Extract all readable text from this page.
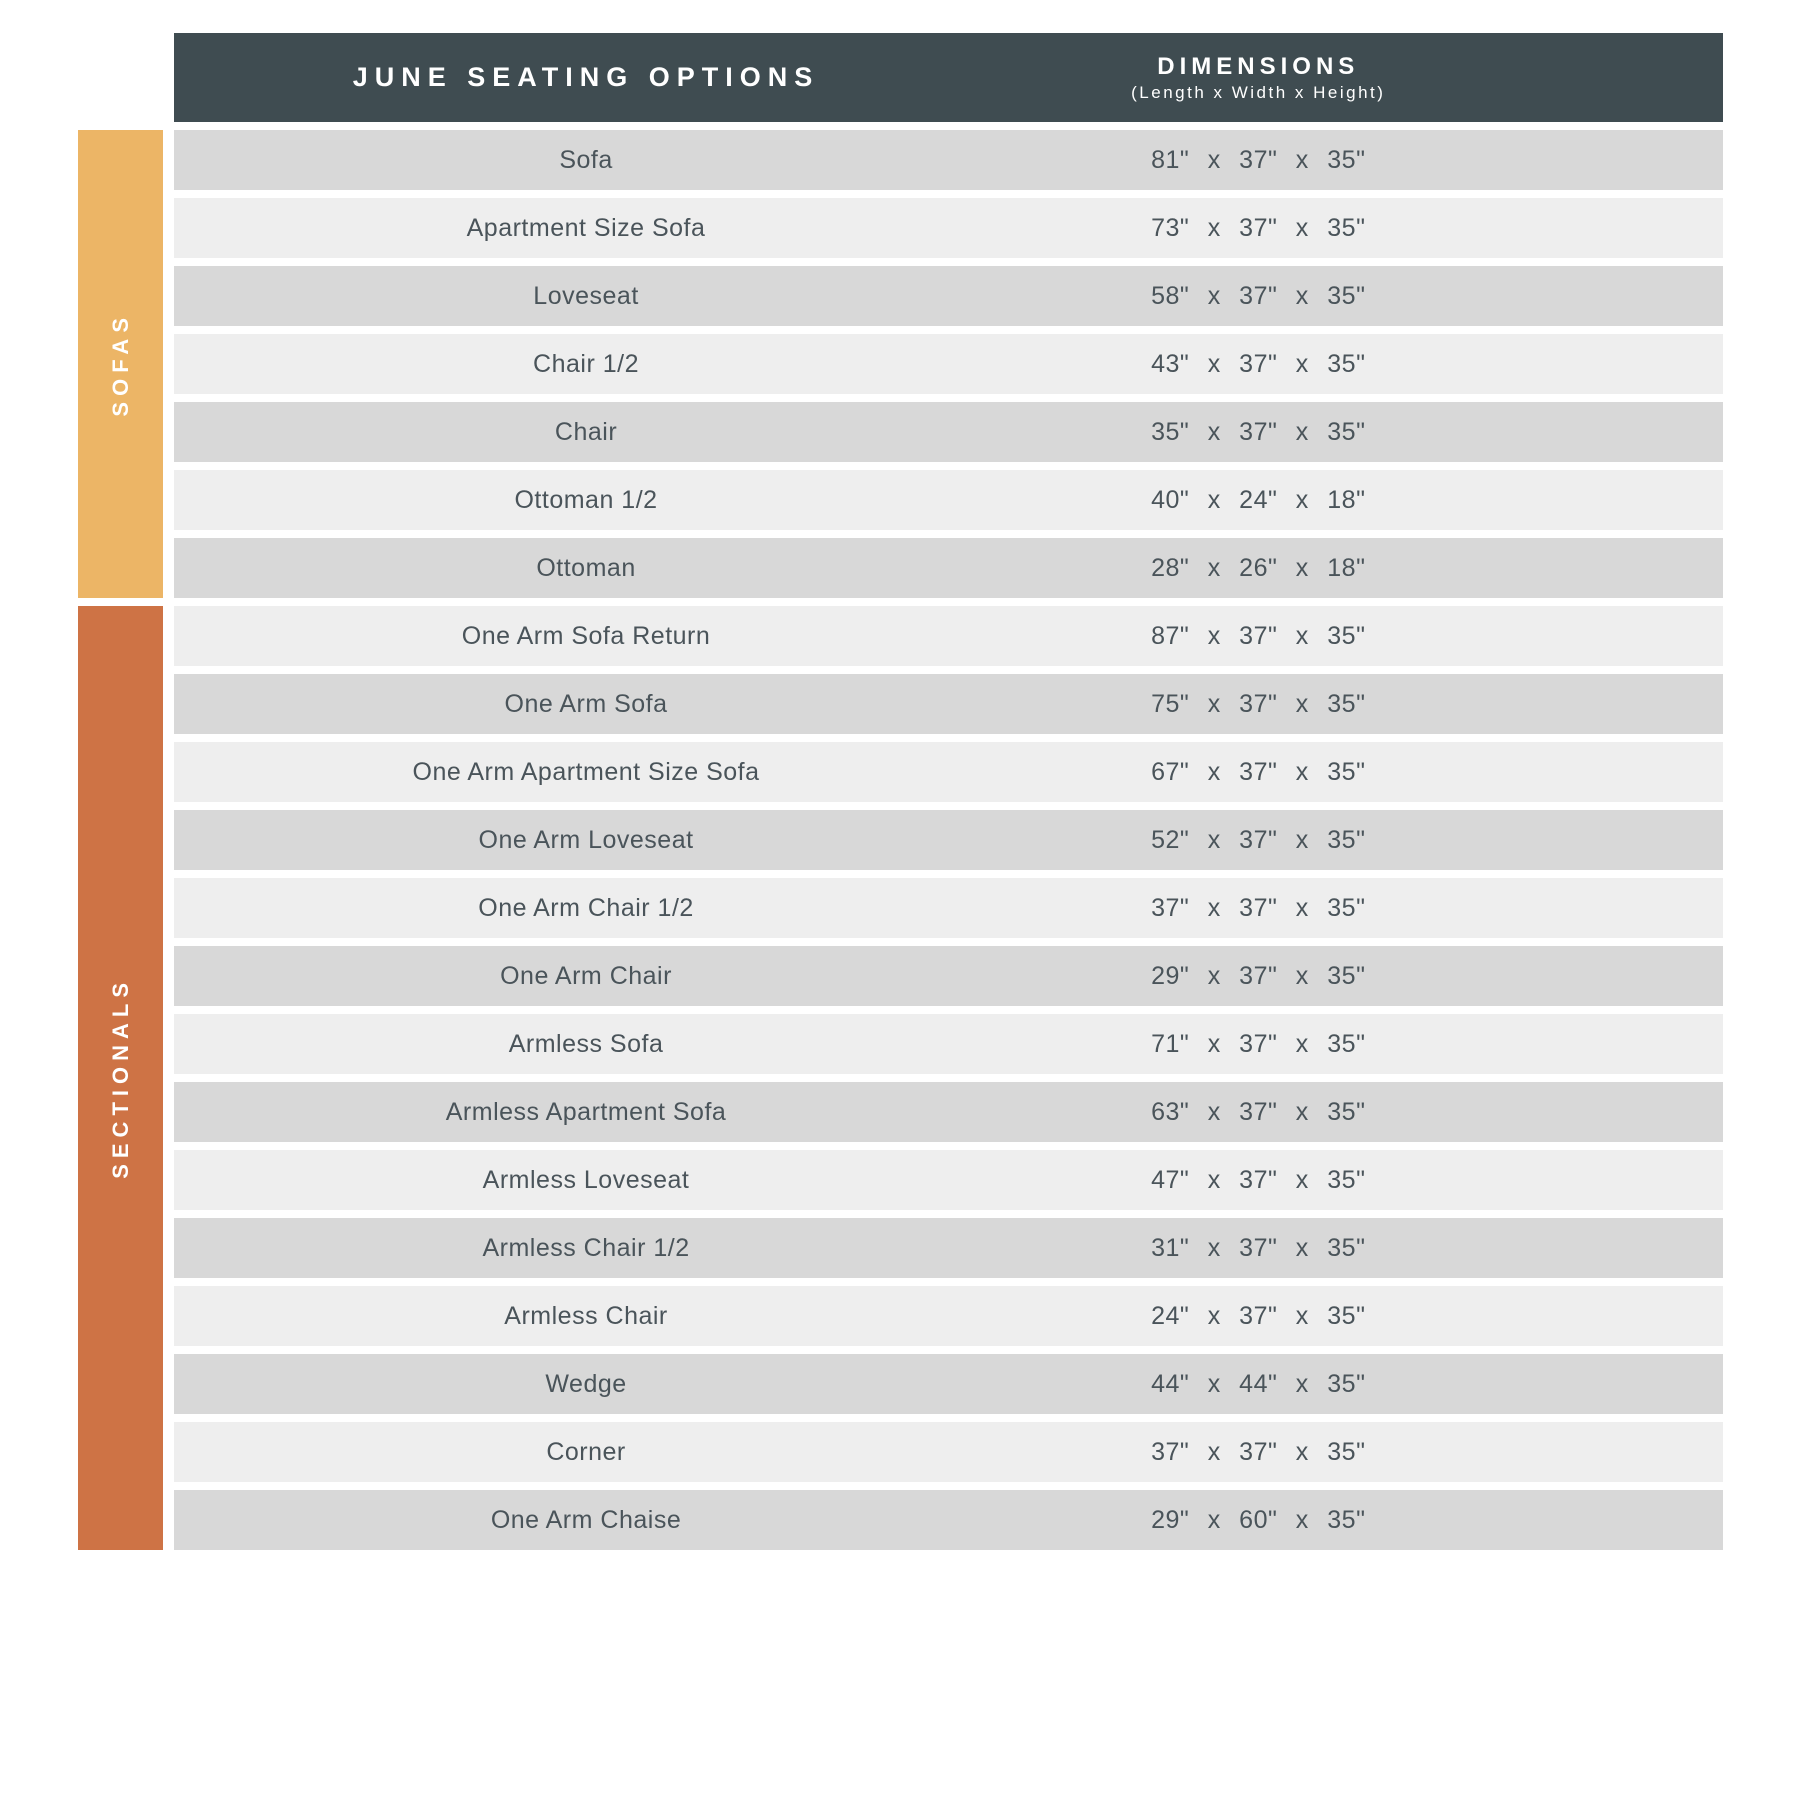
JUNE SEATING OPTIONS	DIMENSIONS
(Length x Width x Height)
Sofa	81" x 37" x 35"
Apartment Size Sofa	73" x 37" x 35"
Loveseat	58" x 37" x 35"
Chair 1/2	43" x 37" x 35"
Chair	35" x 37" x 35"
Ottoman 1/2	40" x 24" x 18"
Ottoman	28" x 26" x 18"
One Arm Sofa Return	87" x 37" x 35"
One Arm Sofa	75" x 37" x 35"
One Arm Apartment Size Sofa	67" x 37" x 35"
One Arm Loveseat	52" x 37" x 35"
One Arm Chair 1/2	37" x 37" x 35"
One Arm Chair	29" x 37" x 35"
Armless Sofa	71" x 37" x 35"
Armless Apartment Sofa	63" x 37" x 35"
Armless Loveseat	47" x 37" x 35"
Armless Chair 1/2	31" x 37" x 35"
Armless Chair	24" x 37" x 35"
Wedge	44" x 44" x 35"
Corner	37" x 37" x 35"
One Arm Chaise	29" x 60" x 35"
SOFAS
SECTIONALS
